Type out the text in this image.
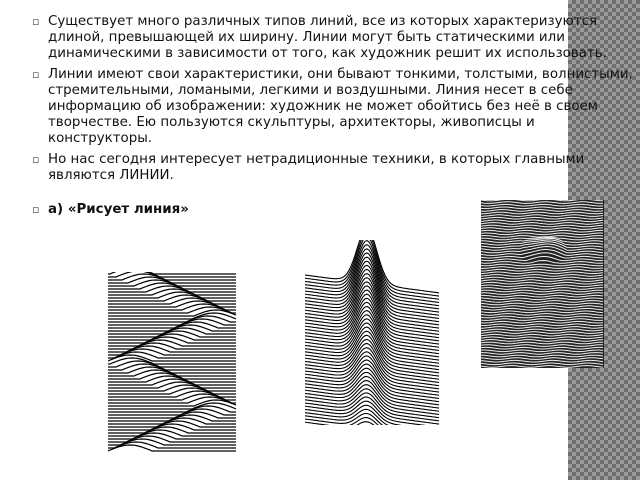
▫ Существует много различных типов линий, все из которых характеризуются длиной, превышающей их ширину. Линии могут быть статическими или динамическими в зависимости от того, как художник решит их использовать.
▫ Линии имеют свои характеристики, они бывают тонкими, толстыми, волнистыми, стремительными, ломаными, легкими и воздушными. Линия несет в себе информацию об изображении: художник не может обойтись без неё в своем творчестве. Ею пользуются скульптуры, архитекторы, живописцы и конструкторы.
▫ Но нас сегодня интересует нетрадиционные техники, в которых главными являются ЛИНИИ.
▫ а) «Рисует линия»
